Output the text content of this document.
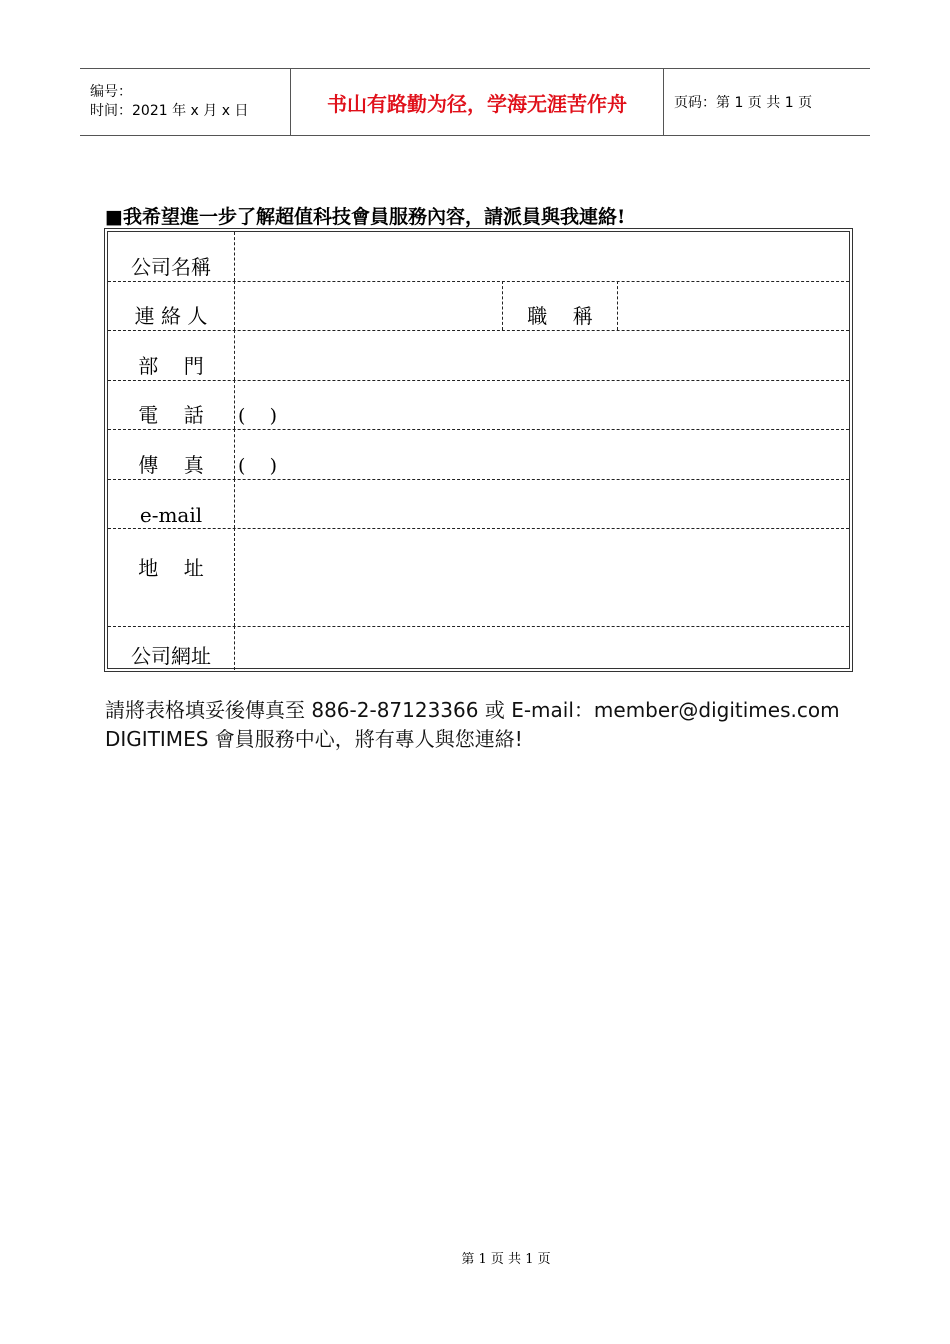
编号：
时间：2021 年 x 月 x 日	书山有路勤为径，学海无涯苦作舟	页码：第 1 页 共 1 页
■我希望進一步了解超值科技會員服務內容，請派員與我連絡!
公司名稱
連 絡 人	職    稱
部    門
電    話	(    )
傳    真	(    )
e-mail
地    址
公司網址
請將表格填妥後傳真至 886-2-87123366 或 E-mail：member@digitimes.com DIGITIMES 會員服務中心，將有專人與您連絡!
第 1 页 共 1 页
